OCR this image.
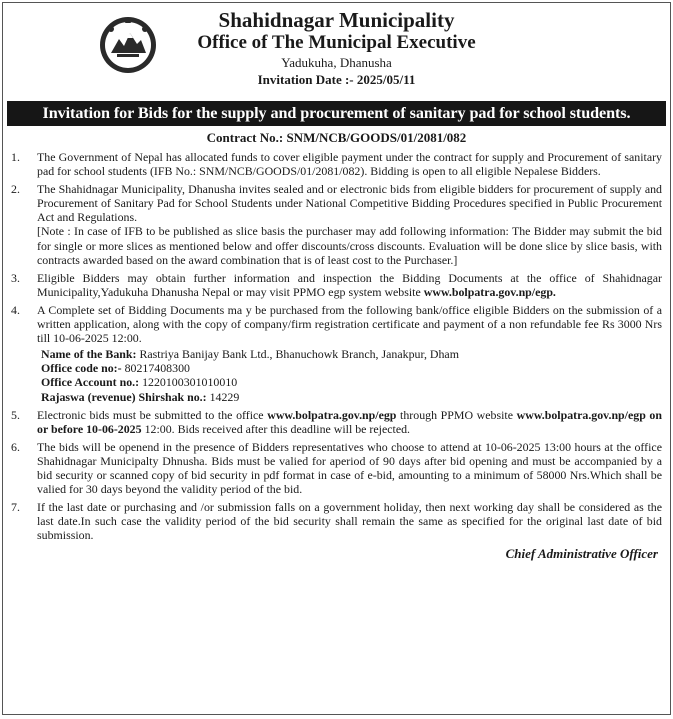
Shahidnagar Municipality
Office of The Municipal Executive
Yadukuha, Dhanusha
Invitation Date :- 2025/05/11
Invitation for Bids for the supply and procurement of sanitary pad for school students.
Contract No.: SNM/NCB/GOODS/01/2081/082
1.	The Government of Nepal has allocated funds to cover eligible payment under the contract for supply and Procurement of sanitary pad for school students (IFB No.: SNM/NCB/GOODS/01/2081/082). Bidding is open to all eligible Nepalese Bidders.
2.	The Shahidnagar Municipality, Dhanusha invites sealed and or electronic bids from eligible bidders for procurement of supply and Procurement of Sanitary Pad for School Students under National Competitive Bidding Procedures specified in Public Procurement Act and Regulations.
[Note : In case of IFB to be published as slice basis the purchaser may add following information: The Bidder may submit the bid for single or more slices as mentioned below and offer discounts/cross discounts. Evaluation will be done slice by slice basis, with contracts awarded based on the award combination that is of least cost to the Purchaser.]
3.	Eligible Bidders may obtain further information and inspection the Bidding Documents at the office of Shahidnagar Municipality,Yadukuha Dhanusha Nepal or may visit PPMO egp system website www.bolpatra.gov.np/egp.
4.	A Complete set of Bidding Documents ma y be purchased from the following bank/office eligible Bidders on the submission of a written application, along with the copy of company/firm registration certificate and payment of a non refundable fee Rs 3000 Nrs till 10-06-2025 12:00.
Name of the Bank: Rastriya Banijay Bank Ltd., Bhanuchowk Branch, Janakpur, Dham
Office code no:- 80217408300
Office Account no.: 1220100301010010
Rajaswa (revenue) Shirshak no.: 14229
5.	Electronic bids must be submitted to the office www.bolpatra.gov.np/egp through PPMO website www.bolpatra.gov.np/egp on or before 10-06-2025 12:00. Bids received after this deadline will be rejected.
6.	The bids will be openend in the presence of Bidders representatives who choose to attend at 10-06-2025 13:00 hours at the office Shahidnagar Municipalty Dhnusha. Bids must be valied for aperiod of 90 days after bid opening and must be accompanied by a bid security or scanned copy of bid security in pdf format in case of e-bid, amounting to a minimum of 58000 Nrs.Which shall be valied for 30 days beyond the validity period of the bid.
7.	If the last date or purchasing and /or submission falls on a government holiday, then next working day shall be considered as the last date.In such case the validity period of the bid security shall remain the same as specified for the original last date of bid submission.
Chief Administrative Officer
